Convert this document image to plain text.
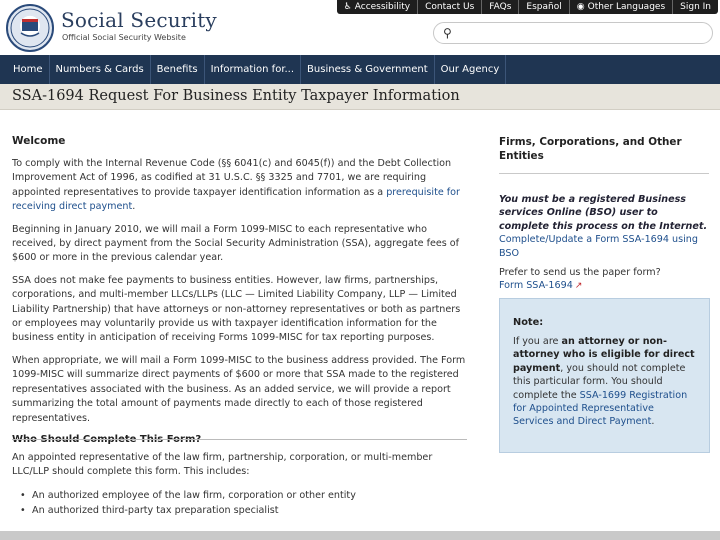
Social Security
Official Social Security Website
♿ Accessibility	Contact Us	FAQs	Español	◉ Other Languages	Sign In
⚲
Home	Numbers & Cards	Benefits	Information for...	Business & Government	Our Agency
SSA-1694 Request For Business Entity Taxpayer Information
Welcome

To comply with the Internal Revenue Code (§§ 6041(c) and 6045(f)) and the Debt Collection Improvement Act of 1996, as codified at 31 U.S.C. §§ 3325 and 7701, we are requiring appointed representatives to provide taxpayer identification information as a prerequisite for receiving direct payment.

Beginning in January 2010, we will mail a Form 1099-MISC to each representative who received, by direct payment from the Social Security Administration (SSA), aggregate fees of $600 or more in the previous calendar year.

SSA does not make fee payments to business entities. However, law firms, partnerships, corporations, and multi-member LLCs/LLPs (LLC — Limited Liability Company, LLP — Limited Liability Partnership) that have attorneys or non-attorney representatives or both as partners or employees may voluntarily provide us with taxpayer identification information for the business entity in anticipation of receiving Forms 1099-MISC for tax reporting purposes.

When appropriate, we will mail a Form 1099-MISC to the business address provided. The Form 1099-MISC will summarize direct payments of $600 or more that SSA made to the registered representatives associated with the business. As an added service, we will provide a report summarizing the total amount of payments made directly to each of those registered representatives.

Who Should Complete This Form?

An appointed representative of the law firm, partnership, corporation, or multi-member LLC/LLP should complete this form. This includes:

• An authorized employee of the law firm, corporation or other entity
• An authorized third-party tax preparation specialist
Firms, Corporations, and Other Entities
You must be a registered Business services Online (BSO) user to complete this process on the Internet.
Complete/Update a Form SSA-1694 using BSO
Prefer to send us the paper form?
Form SSA-1694 ↗
Note:
If you are an attorney or non-attorney who is eligible for direct payment, you should not complete this particular form. You should complete the SSA-1699 Registration for Appointed Representative Services and Direct Payment.
